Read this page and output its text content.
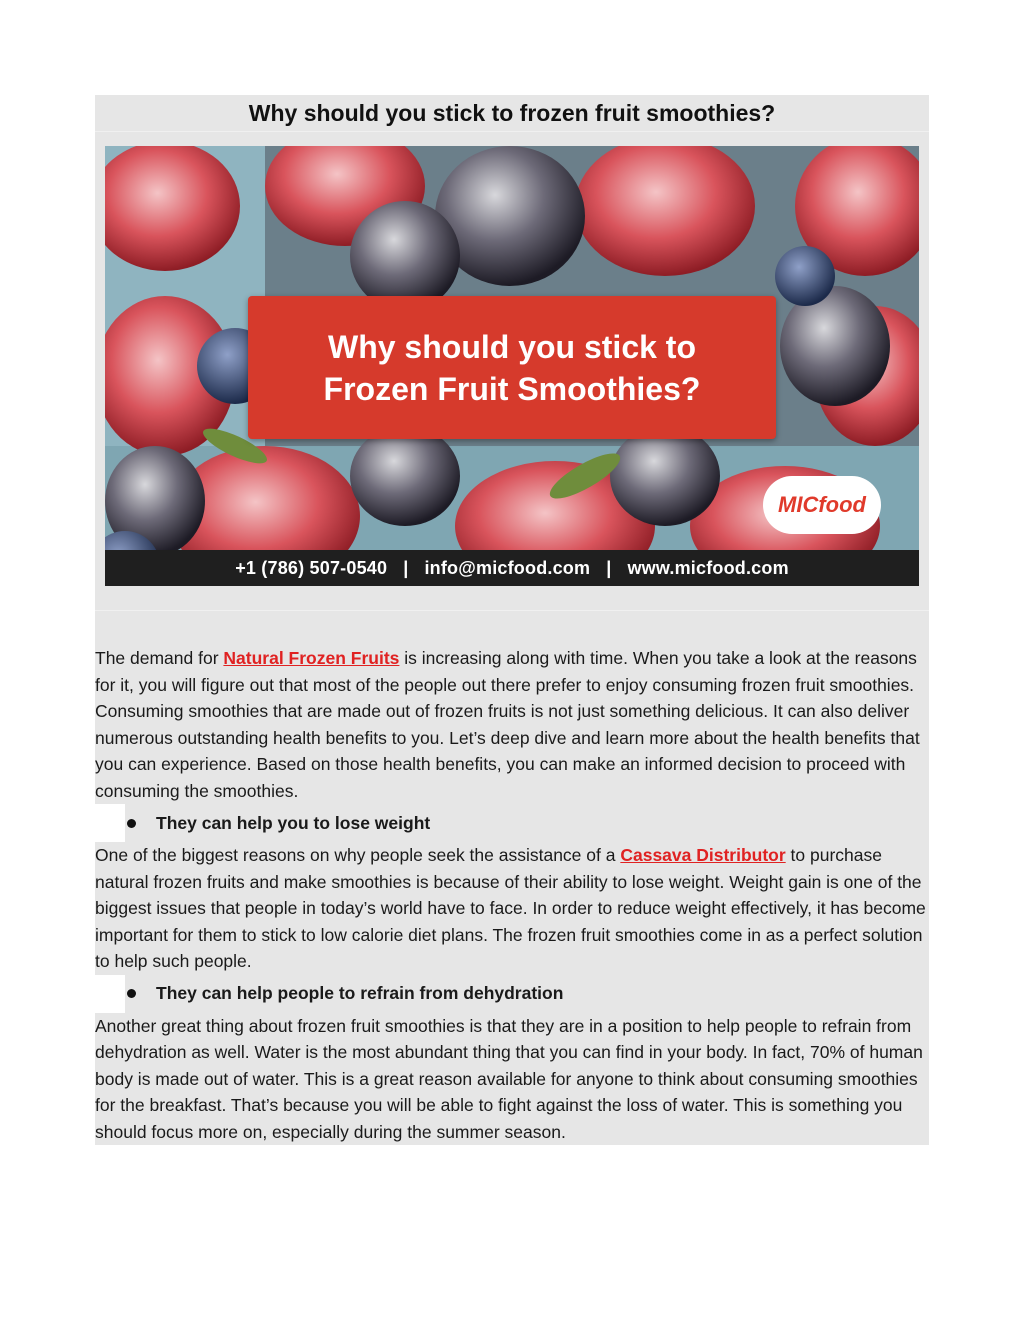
Why should you stick to frozen fruit smoothies?
Why should you stick to
Frozen Fruit Smoothies?
MICfood
+1 (786) 507-0540 | info@micfood.com | www.micfood.com

The demand for Natural Frozen Fruits is increasing along with time. When you take a look at the reasons for it, you will figure out that most of the people out there prefer to enjoy consuming frozen fruit smoothies. Consuming smoothies that are made out of frozen fruits is not just something delicious. It can also deliver numerous outstanding health benefits to you. Let’s deep dive and learn more about the health benefits that you can experience. Based on those health benefits, you can make an informed decision to proceed with consuming the smoothies.

They can help you to lose weight

One of the biggest reasons on why people seek the assistance of a Cassava Distributor to purchase natural frozen fruits and make smoothies is because of their ability to lose weight. Weight gain is one of the biggest issues that people in today’s world have to face. In order to reduce weight effectively, it has become important for them to stick to low calorie diet plans. The frozen fruit smoothies come in as a perfect solution to help such people.

They can help people to refrain from dehydration

Another great thing about frozen fruit smoothies is that they are in a position to help people to refrain from dehydration as well. Water is the most abundant thing that you can find in your body. In fact, 70% of human body is made out of water. This is a great reason available for anyone to think about consuming smoothies for the breakfast. That’s because you will be able to fight against the loss of water. This is something you should focus more on, especially during the summer season.
